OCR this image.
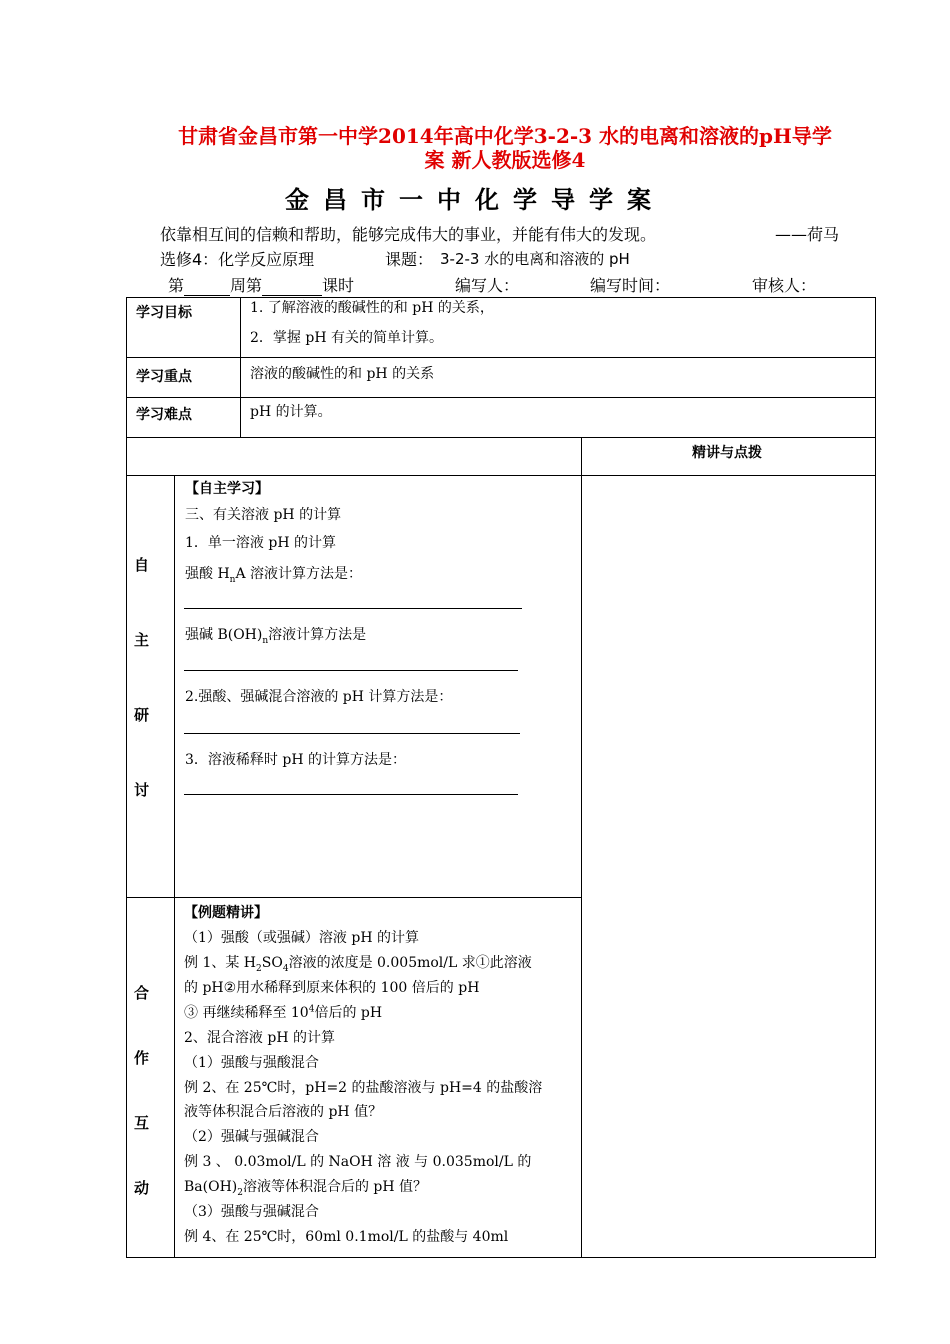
甘肃省金昌市第一中学2014年高中化学3-2-3 水的电离和溶液的pH导学
案 新人教版选修4
金昌市一中化学导学案
依靠相互间的信赖和帮助，能够完成伟大的事业，并能有伟大的发现。	——荷马
选修4：化学反应原理	课题： 3-2-3 水的电离和溶液的 pH
第	周第	课时	编写人：	编写时间：	审核人：
学习目标	1. 了解溶液的酸碱性的和 pH 的关系，
2．掌握 pH 有关的简单计算。
学习重点	溶液的酸碱性的和 pH 的关系
学习难点	pH 的计算。
精讲与点拨
自
主
研
讨
【自主学习】
三、有关溶液 pH 的计算
1．单一溶液 pH 的计算
强酸 $H_nA$ 溶液计算方法是：
强碱 $B(OH)_n$溶液计算方法是
2.强酸、强碱混合溶液的 pH 计算方法是：
3．溶液稀释时 pH 的计算方法是：
合
作
互
动
【例题精讲】
（1）强酸（或强碱）溶液 pH 的计算
例 1、某 $H_2SO_4$溶液的浓度是 0.005mol/L 求①此溶液
的 pH②用水稀释到原来体积的 100 倍后的 pH
③ 再继续稀释至 $10^4$倍后的 pH
2、混合溶液 pH 的计算
（1）强酸与强酸混合
例 2、在 25℃时，pH=2 的盐酸溶液与 pH=4 的盐酸溶
液等体积混合后溶液的 pH 值？
（2）强碱与强碱混合
例 3 、 0.03mol/L 的 NaOH 溶 液 与 0.035mol/L 的
$Ba(OH)_2$溶液等体积混合后的 pH 值？
（3）强酸与强碱混合
例 4、在 25℃时，60ml 0.1mol/L 的盐酸与 40ml
